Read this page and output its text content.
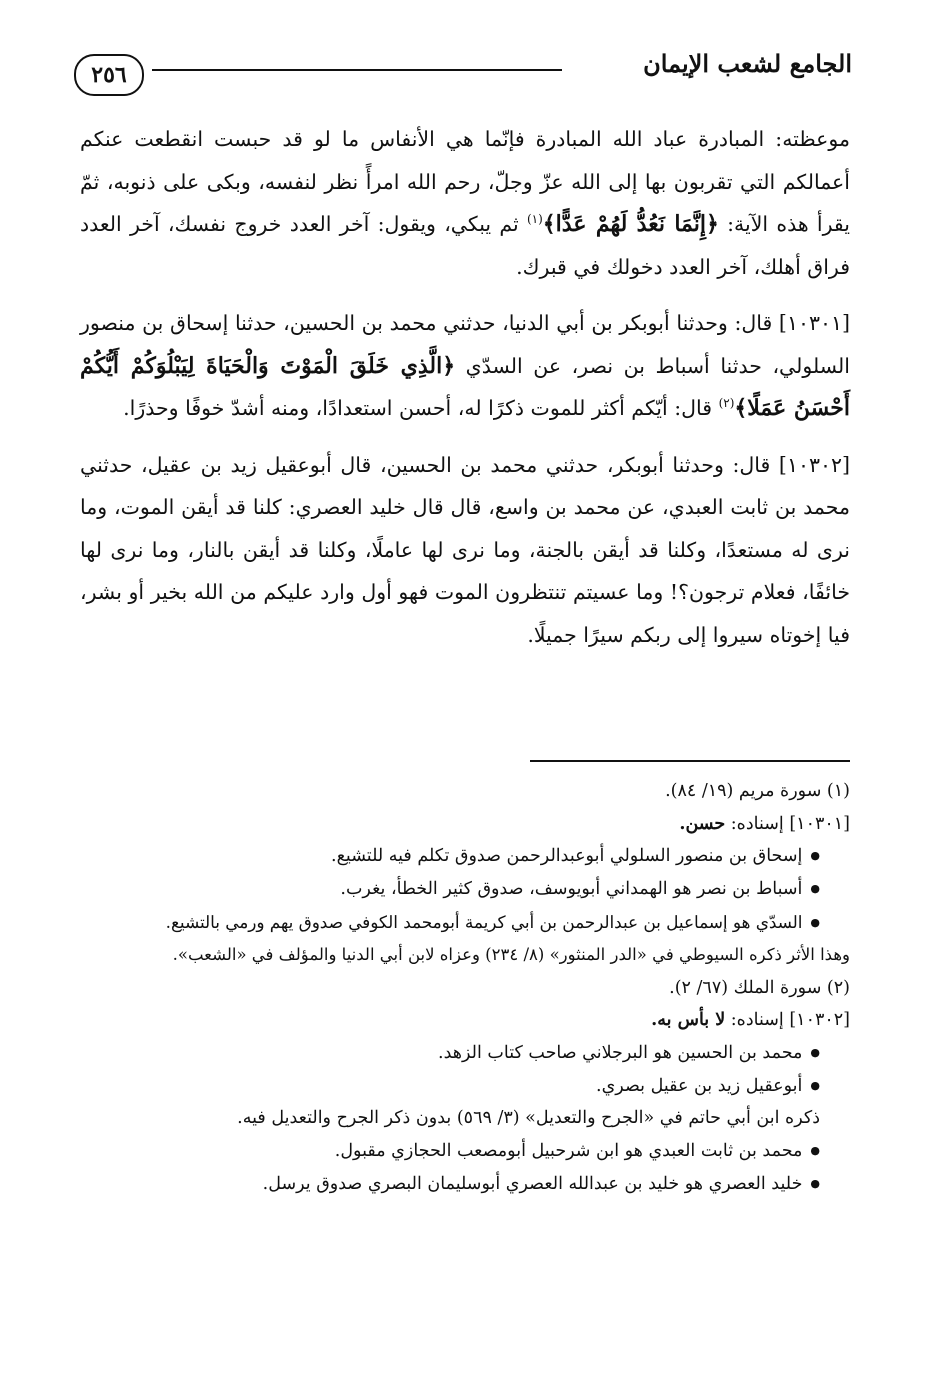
الجامع لشعب الإيمان
٢٥٦

موعظته: المبادرة عباد الله المبادرة فإنّما هي الأنفاس ما لو قد حبست انقطعت عنكم أعمالكم التي تقربون بها إلى الله عزّ وجلّ، رحم الله امرأً نظر لنفسه، وبكى على ذنوبه، ثمّ يقرأ هذه الآية: ﴿إِنَّمَا نَعُدُّ لَهُمْ عَدًّا﴾$^{(١)}$ ثم يبكي، ويقول: آخر العدد خروج نفسك، آخر العدد فراق أهلك، آخر العدد دخولك في قبرك.

[١٠٣٠١] قال: وحدثنا أبوبكر بن أبي الدنيا، حدثني محمد بن الحسين، حدثنا إسحاق بن منصور السلولي، حدثنا أسباط بن نصر، عن السدّي ﴿الَّذِي خَلَقَ الْمَوْتَ وَالْحَيَاةَ لِيَبْلُوَكُمْ أَيُّكُمْ أَحْسَنُ عَمَلًا﴾$^{(٢)}$ قال: أيّكم أكثر للموت ذكرًا له، أحسن استعدادًا، ومنه أشدّ خوفًا وحذرًا.

[١٠٣٠٢] قال: وحدثنا أبوبكر، حدثني محمد بن الحسين، قال أبوعقيل زيد بن عقيل، حدثني محمد بن ثابت العبدي، عن محمد بن واسع، قال قال خليد العصري: كلنا قد أيقن الموت، وما نرى له مستعدًا، وكلنا قد أيقن بالجنة، وما نرى لها عاملًا، وكلنا قد أيقن بالنار، وما نرى لها خائفًا، فعلام ترجون؟! وما عسيتم تنتظرون الموت فهو أول وارد عليكم من الله بخير أو بشر، فيا إخوتاه سيروا إلى ربكم سيرًا جميلًا.

(١) سورة مريم (١٩/ ٨٤).

[١٠٣٠١] إسناده: حسن.

● إسحاق بن منصور السلولي أبوعبدالرحمن صدوق تكلم فيه للتشيع.

● أسباط بن نصر هو الهمداني أبويوسف، صدوق كثير الخطأ، يغرب.

● السدّي هو إسماعيل بن عبدالرحمن بن أبي كريمة أبومحمد الكوفي صدوق يهم ورمي بالتشيع.

وهذا الأثر ذكره السيوطي في «الدر المنثور» (٨/ ٢٣٤) وعزاه لابن أبي الدنيا والمؤلف في «الشعب».

(٢) سورة الملك (٦٧/ ٢).

[١٠٣٠٢] إسناده: لا بأس به.

● محمد بن الحسين هو البرجلاني صاحب كتاب الزهد.

● أبوعقيل زيد بن عقيل بصري.

ذكره ابن أبي حاتم في «الجرح والتعديل» (٣/ ٥٦٩) بدون ذكر الجرح والتعديل فيه.

● محمد بن ثابت العبدي هو ابن شرحبيل أبومصعب الحجازي مقبول.

● خليد العصري هو خليد بن عبدالله العصري أبوسليمان البصري صدوق يرسل.
